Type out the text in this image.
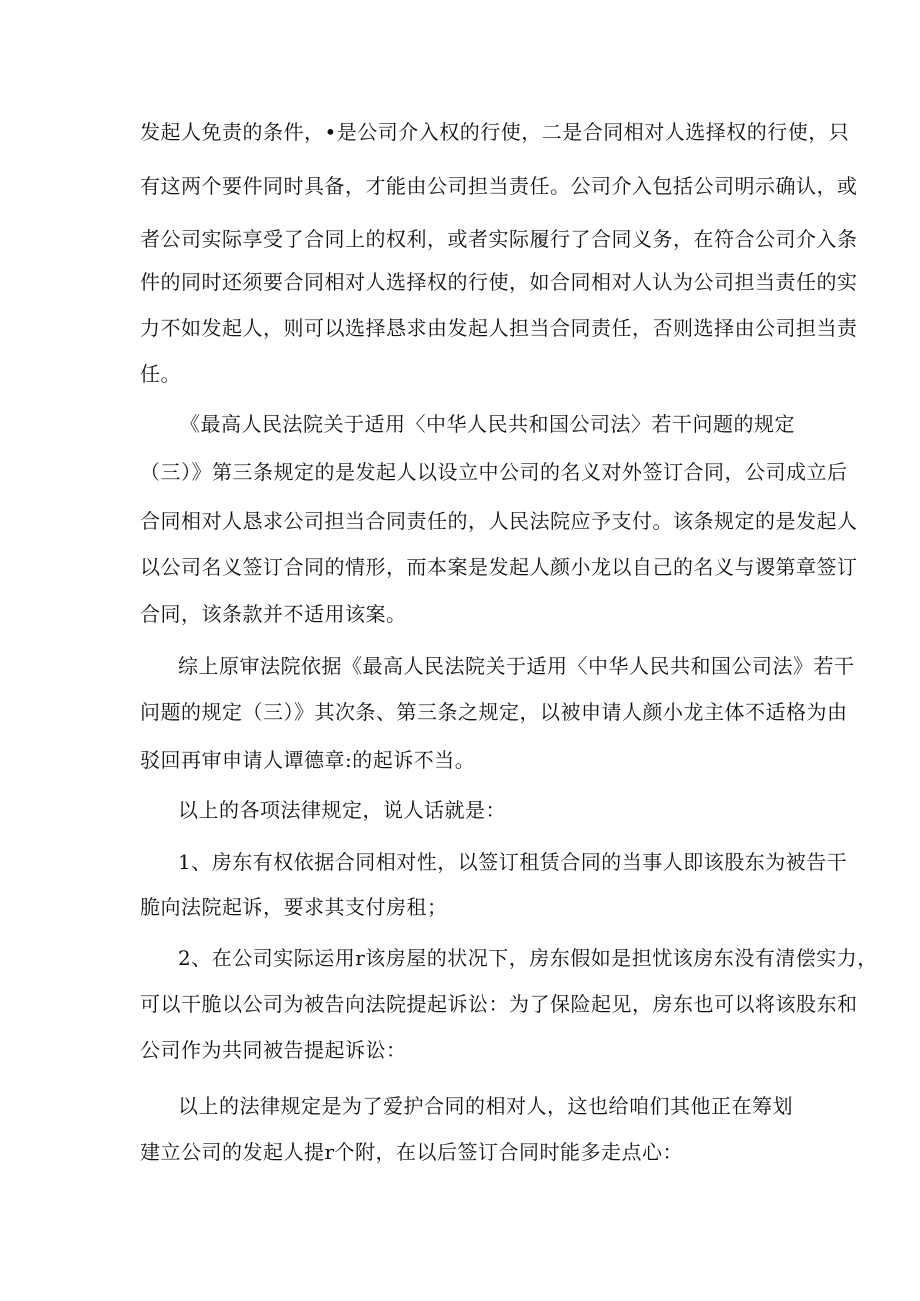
发起人免责的条件，•是公司介入权的行使，二是合同相对人选择权的行使，只
有这两个要件同时具备，才能由公司担当责任。公司介入包括公司明示确认，或
者公司实际享受了合同上的权利，或者实际履行了合同义务，在符合公司介入条
件的同时还须要合同相对人选择权的行使，如合同相对人认为公司担当责任的实
力不如发起人，则可以选择恳求由发起人担当合同责任，否则选择由公司担当责
任。
《最高人民法院关于适用〈中华人民共和国公司法〉若干问题的规定
（三）》第三条规定的是发起人以设立中公司的名义对外签订合同，公司成立后
合同相对人恳求公司担当合同责任的，人民法院应予支付。该条规定的是发起人
以公司名义签订合同的情形，而本案是发起人颜小龙以自己的名义与谡第章签订
合同，该条款并不适用该案。
综上原审法院依据《最高人民法院关于适用〈中华人民共和国公司法》若干
问题的规定（三）》其次条、第三条之规定，以被申请人颜小龙主体不适格为由
驳回再审申请人谭德章:的起诉不当。
以上的各项法律规定，说人话就是：
1、房东有权依据合同相对性，以签订租赁合同的当事人即该股东为被告干
脆向法院起诉，要求其支付房租；
2、在公司实际运用r该房屋的状况下，房东假如是担忧该房东没有清偿实力，
可以干脆以公司为被告向法院提起诉讼：为了保险起见，房东也可以将该股东和
公司作为共同被告提起诉讼：
以上的法律规定是为了爱护合同的相对人，这也给咱们其他正在筹划
建立公司的发起人提r个附，在以后签订合同时能多走点心：
